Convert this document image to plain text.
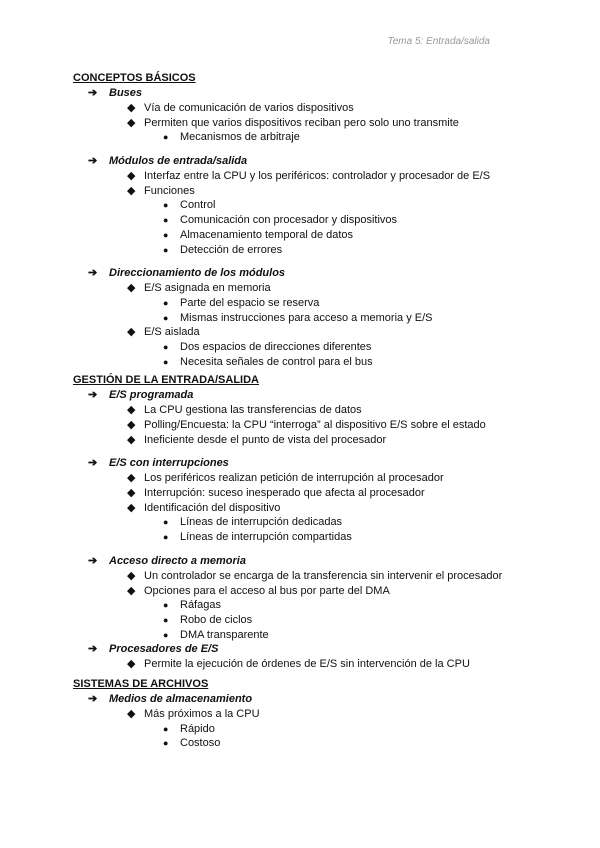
Tema 5: Entrada/salida
CONCEPTOS BÁSICOS
➔ Buses
◆ Vía de comunicación de varios dispositivos
◆ Permiten que varios dispositivos reciban pero solo uno transmite
● Mecanismos de arbitraje
➔ Módulos de entrada/salida
◆ Interfaz entre la CPU y los periféricos: controlador y procesador de E/S
◆ Funciones
● Control
● Comunicación con procesador y dispositivos
● Almacenamiento temporal de datos
● Detección de errores
➔ Direccionamiento de los módulos
◆ E/S asignada en memoria
● Parte del espacio se reserva
● Mismas instrucciones para acceso a memoria y E/S
◆ E/S aislada
● Dos espacios de direcciones diferentes
● Necesita señales de control para el bus
GESTIÓN DE LA ENTRADA/SALIDA
➔ E/S programada
◆ La CPU gestiona las transferencias de datos
◆ Polling/Encuesta: la CPU “interroga” al dispositivo E/S sobre el estado
◆ Ineficiente desde el punto de vista del procesador
➔ E/S con interrupciones
◆ Los periféricos realizan petición de interrupción al procesador
◆ Interrupción: suceso inesperado que afecta al procesador
◆ Identificación del dispositivo
● Líneas de interrupción dedicadas
● Líneas de interrupción compartidas
➔ Acceso directo a memoria
◆ Un controlador se encarga de la transferencia sin intervenir el procesador
◆ Opciones para el acceso al bus por parte del DMA
● Ráfagas
● Robo de ciclos
● DMA transparente
➔ Procesadores de E/S
◆ Permite la ejecución de órdenes de E/S sin intervención de la CPU
SISTEMAS DE ARCHIVOS
➔ Medios de almacenamiento
◆ Más próximos a la CPU
● Rápido
● Costoso
